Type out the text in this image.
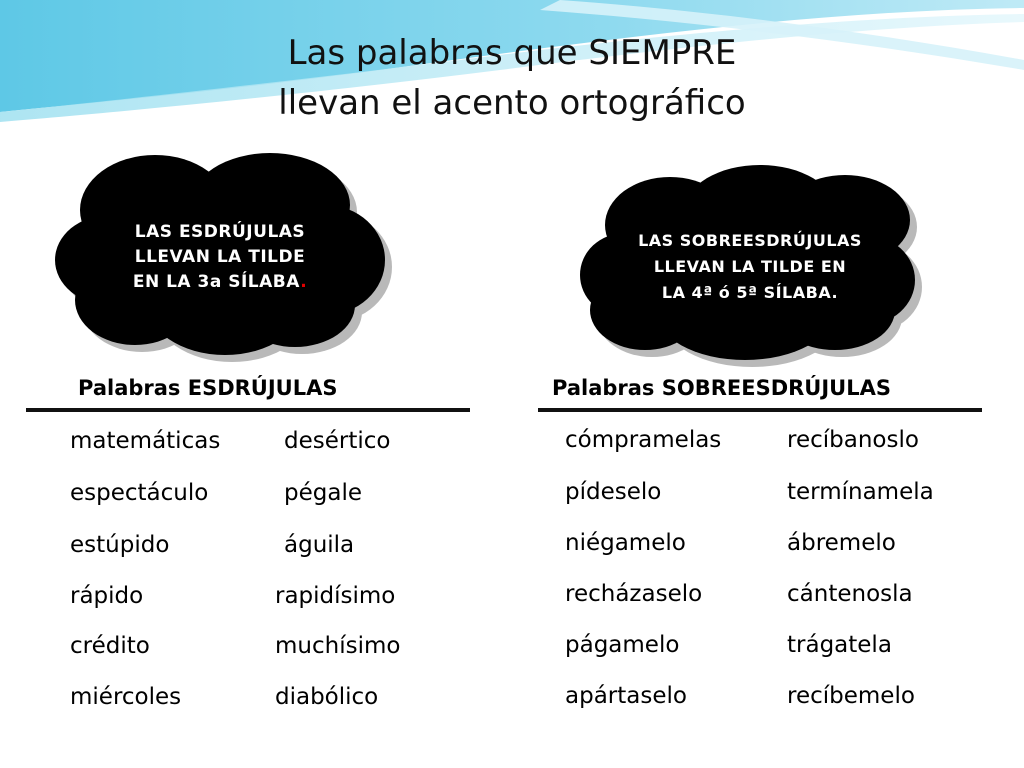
Las palabras que SIEMPRE
llevan el acento ortográfico
LAS ESDRÚJULAS
LLEVAN LA TILDE
EN LA 3a SÍLABA.
LAS SOBREESDRÚJULAS
LLEVAN LA TILDE EN
LA 4ª ó 5ª SÍLABA.
Palabras ESDRÚJULAS	Palabras SOBREESDRÚJULAS
matemáticas
espectáculo
estúpido
rápido
crédito
miércoles
desértico
pégale
águila
rapidísimo
muchísimo
diabólico
cómpramelas
pídeselo
niégamelo
recházaselo
págamelo
apártaselo
recíbanoslo
termínamela
ábremelo
cántenosla
trágatela
recíbemelo
